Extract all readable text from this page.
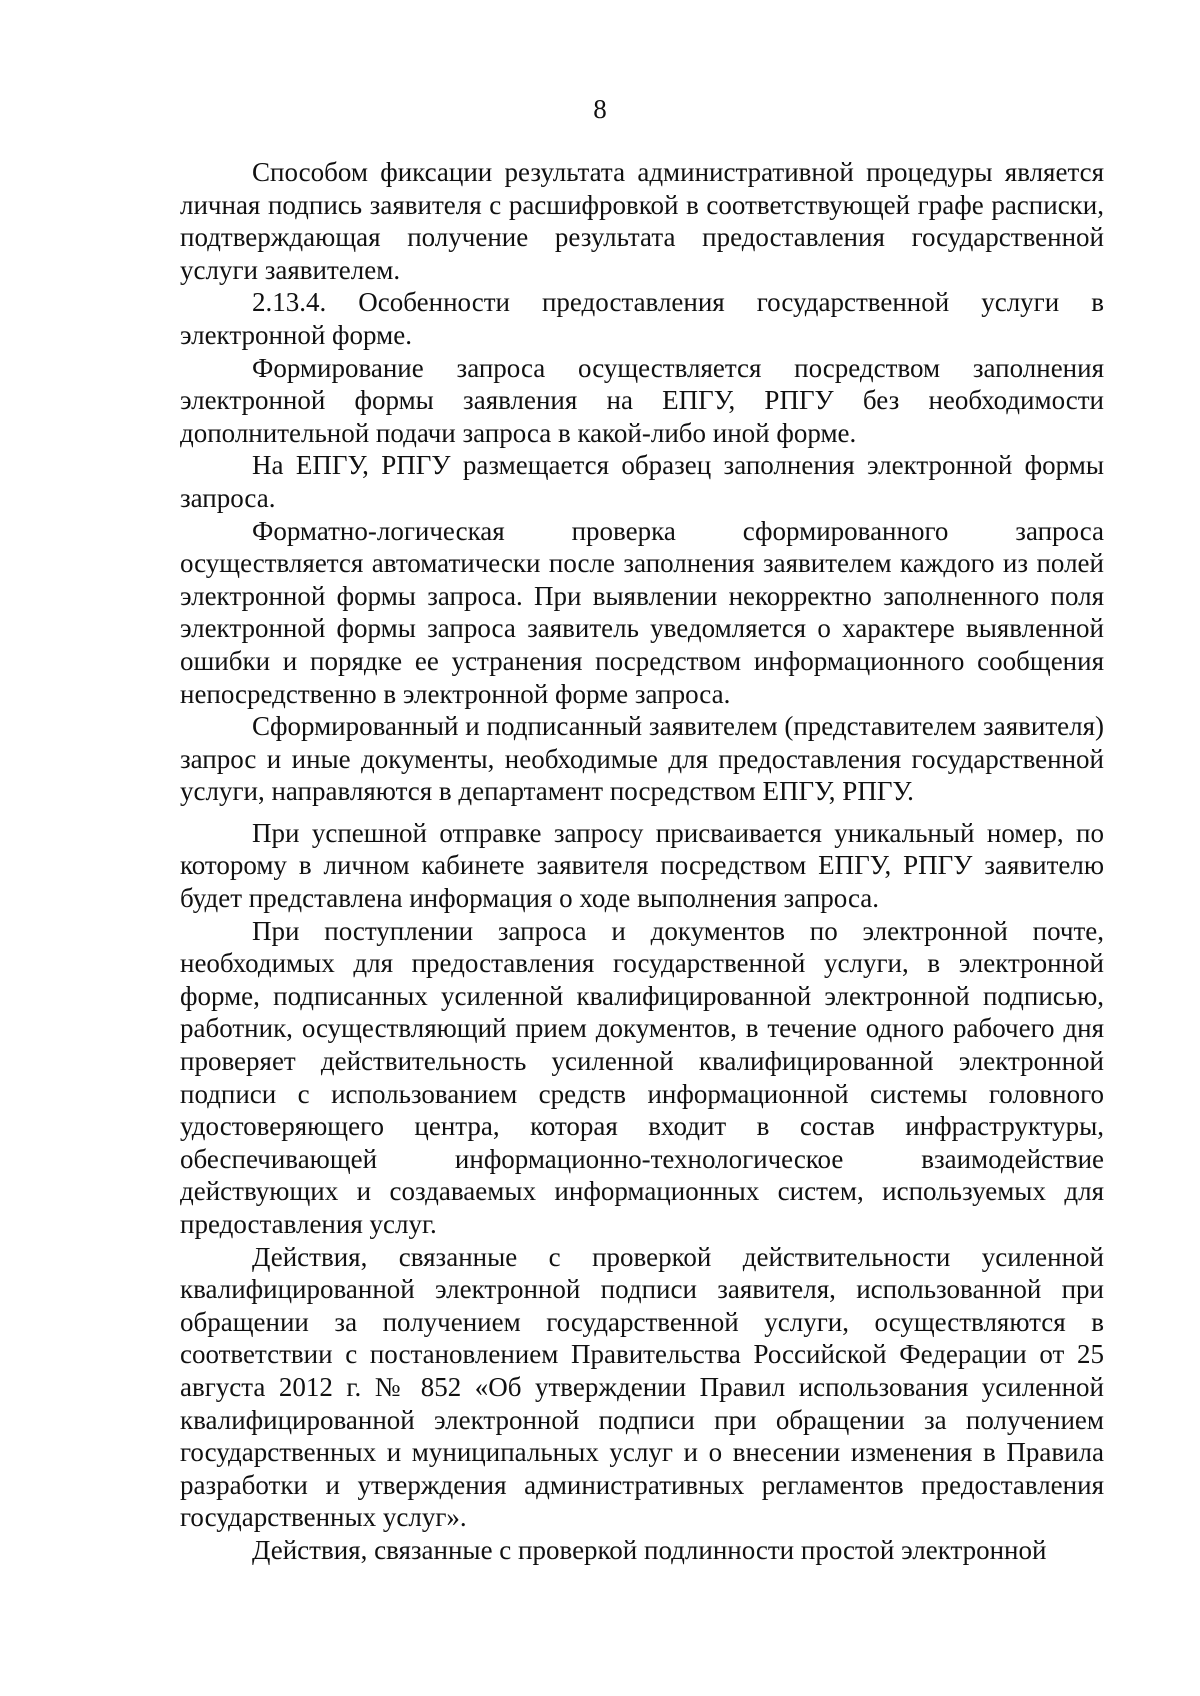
8

Способом фиксации результата административной процедуры является личная подпись заявителя с расшифровкой в соответствующей графе расписки, подтверждающая получение результата предоставления государственной услуги заявителем.

2.13.4. Особенности предоставления государственной услуги в электронной форме.

Формирование запроса осуществляется посредством заполнения электронной формы заявления на ЕПГУ, РПГУ без необходимости дополнительной подачи запроса в какой-либо иной форме.

На ЕПГУ, РПГУ размещается образец заполнения электронной формы запроса.

Форматно-логическая проверка сформированного запроса осуществляется автоматически после заполнения заявителем каждого из полей электронной формы запроса. При выявлении некорректно заполненного поля электронной формы запроса заявитель уведомляется о характере выявленной ошибки и порядке ее устранения посредством информационного сообщения непосредственно в электронной форме запроса.

Сформированный и подписанный заявителем (представителем заявителя) запрос и иные документы, необходимые для предоставления государственной услуги, направляются в департамент посредством ЕПГУ, РПГУ.

При успешной отправке запросу присваивается уникальный номер, по которому в личном кабинете заявителя посредством ЕПГУ, РПГУ заявителю будет представлена информация о ходе выполнения запроса.

При поступлении запроса и документов по электронной почте, необходимых для предоставления государственной услуги, в электронной форме, подписанных усиленной квалифицированной электронной подписью, работник, осуществляющий прием документов, в течение одного рабочего дня проверяет действительность усиленной квалифицированной электронной подписи с использованием средств информационной системы головного удостоверяющего центра, которая входит в состав инфраструктуры, обеспечивающей информационно-технологическое взаимодействие действующих и создаваемых информационных систем, используемых для предоставления услуг.

Действия, связанные с проверкой действительности усиленной квалифицированной электронной подписи заявителя, использованной при обращении за получением государственной услуги, осуществляются в соответствии с постановлением Правительства Российской Федерации от 25 августа 2012 г. № 852 «Об утверждении Правил использования усиленной квалифицированной электронной подписи при обращении за получением государственных и муниципальных услуг и о внесении изменения в Правила разработки и утверждения административных регламентов предоставления государственных услуг».

Действия, связанные с проверкой подлинности простой электронной
